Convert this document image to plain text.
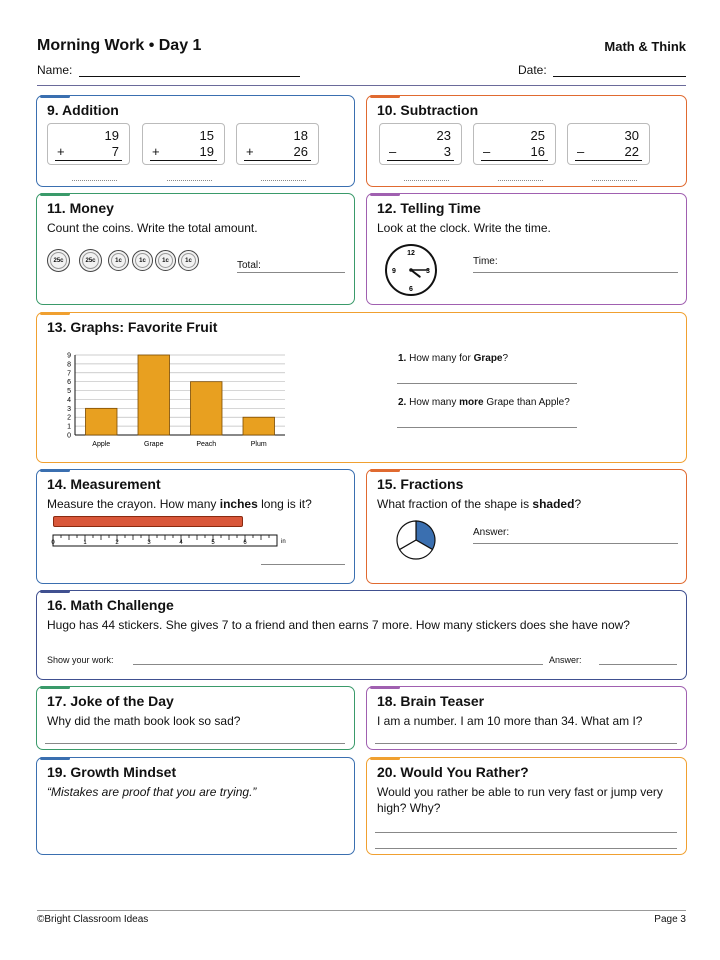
Morning Work • Day 1	Math & Think
Name:	Date:
9. Addition
19
+	7
15
+	19
18
+	26
10. Subtraction
23
–	3
25
–	16
30
–	22
11. Money
Count the coins. Write the total amount.
25c	25c	1c	1c	1c	1c	Total:
12. Telling Time
Look at the clock. Write the time.
12
3
6
9
Time:
13. Graphs: Favorite Fruit
0
1
2
3
4
5
6
7
8
9
Apple	Grape	Peach	Plum
1. How many for Grape?
2. How many more Grape than Apple?
14. Measurement
Measure the crayon. How many inches long is it?
0	1	2	3	4	5	6	in
15. Fractions
What fraction of the shape is shaded?
Answer:
16. Math Challenge
Hugo has 44 stickers. She gives 7 to a friend and then earns 7 more. How many stickers does she have now?
Show your work:	Answer:
17. Joke of the Day
Why did the math book look so sad?
18. Brain Teaser
I am a number. I am 10 more than 34. What am I?
19. Growth Mindset
“Mistakes are proof that you are trying.”
20. Would You Rather?
Would you rather be able to run very fast or jump very high? Why?
©Bright Classroom Ideas	Page 3
